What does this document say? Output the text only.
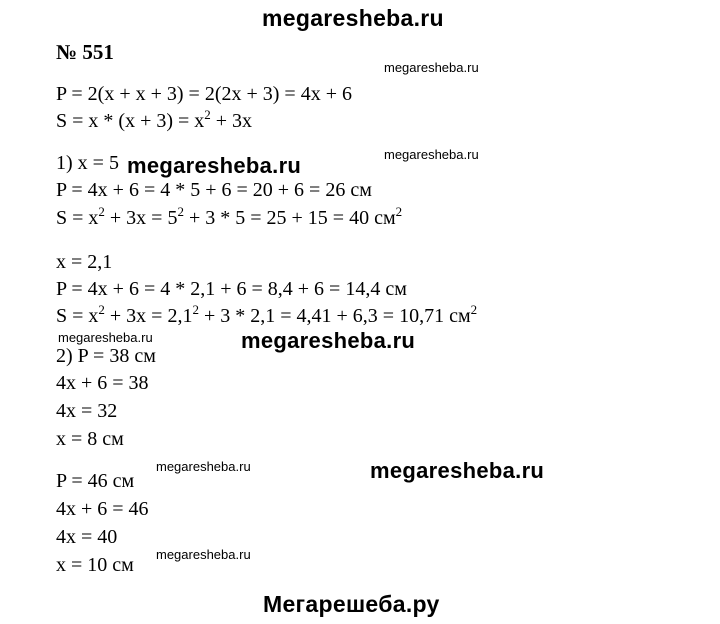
megaresheba.ru
№ 551
megaresheba.ru
P = 2(x + x + 3) = 2(2x + 3) = 4x + 6
$S = x * (x + 3) = x^2 + 3x$
megaresheba.ru
1) x = 5 megaresheba.ru
P = 4x + 6 = 4 * 5 + 6 = 20 + 6 = 26 см
$S = x^2 + 3x = 5^2 + 3 * 5 = 25 + 15 = 40$ $см^2$
x = 2,1
P = 4x + 6 = 4 * 2,1 + 6 = 8,4 + 6 = 14,4 см
$S = x^2 + 3x = 2,1^2 + 3 * 2,1 = 4,41 + 6,3 = 10,71$ $см^2$
megaresheba.ru	megaresheba.ru
2) P = 38 см
4x + 6 = 38
4x = 32
x = 8 см
megaresheba.ru	megaresheba.ru
P = 46 см
4x + 6 = 46
4x = 40
megaresheba.ru
x = 10 см
Мегарешеба.ру
